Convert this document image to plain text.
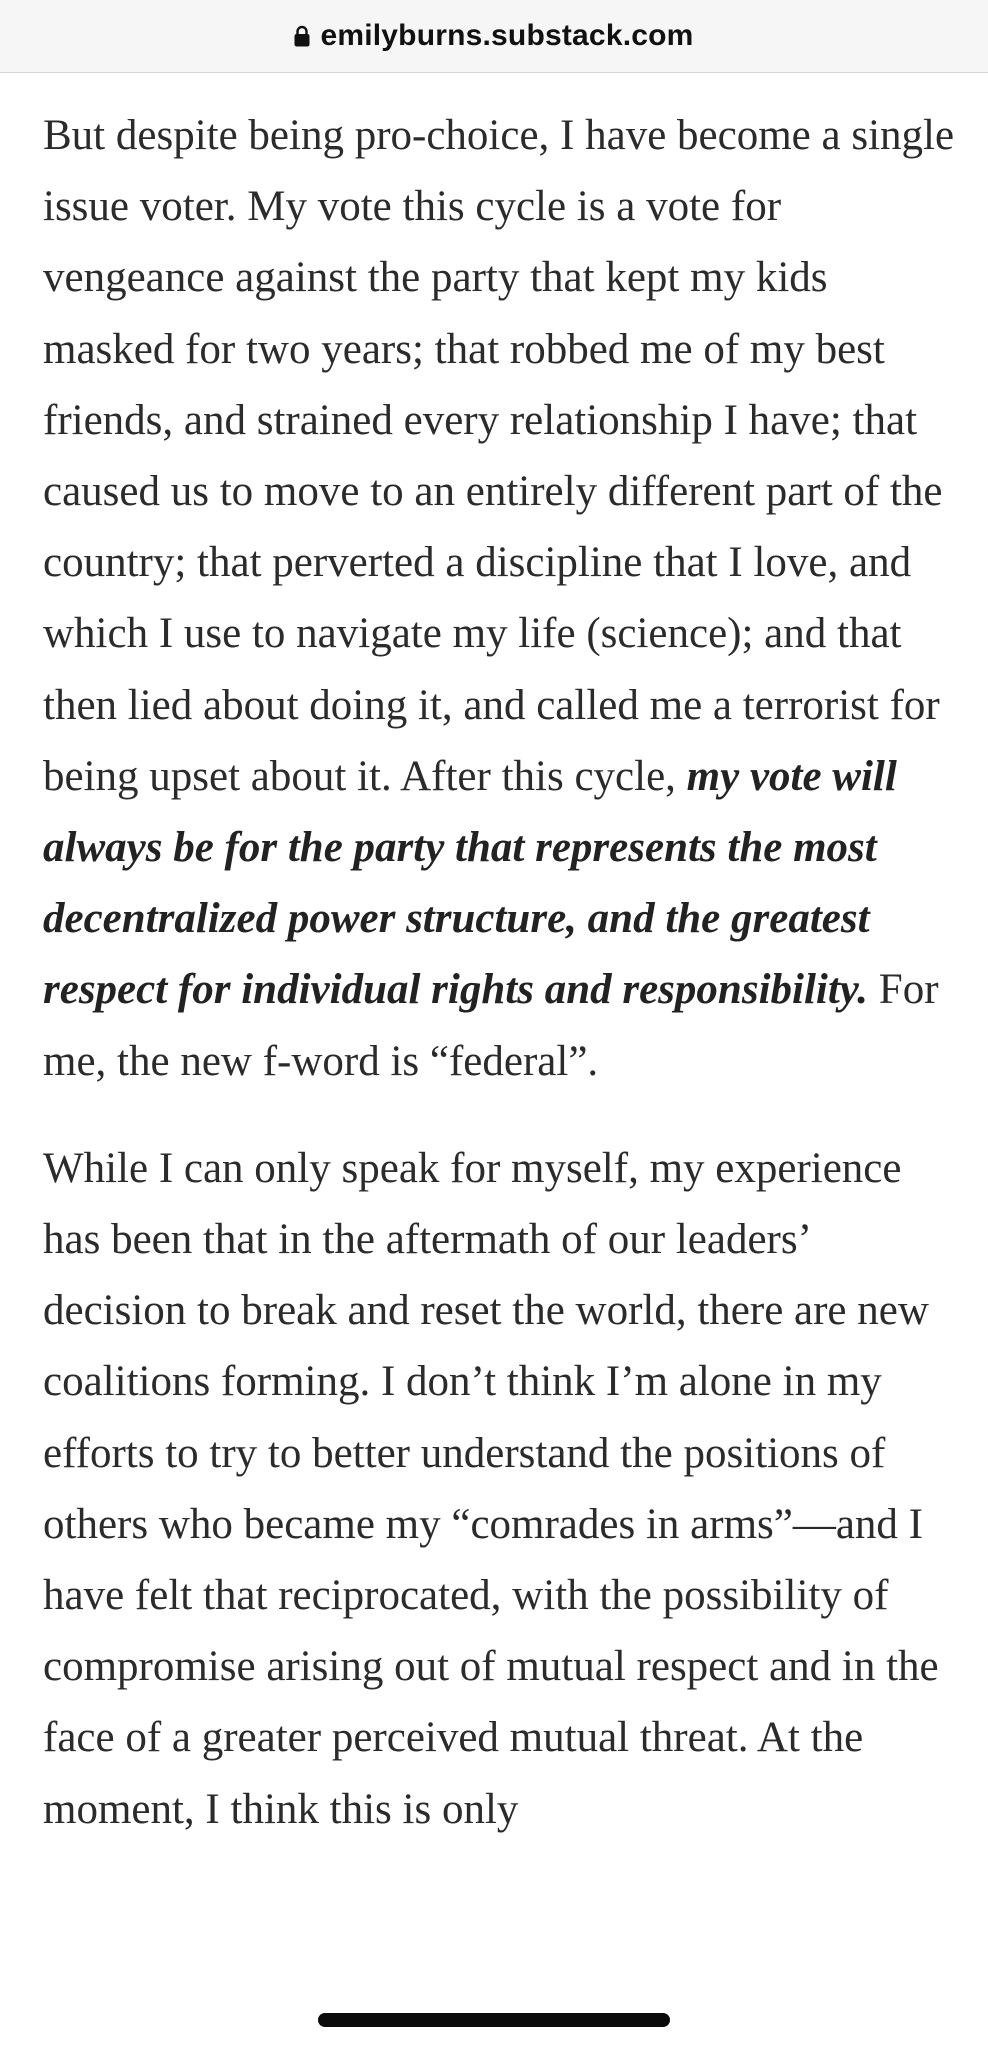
emilyburns.substack.com

But despite being pro-choice, I have become a single issue voter. My vote this cycle is a vote for vengeance against the party that kept my kids masked for two years; that robbed me of my best friends, and strained every relationship I have; that caused us to move to an entirely different part of the country; that perverted a discipline that I love, and which I use to navigate my life (science); and that then lied about doing it, and called me a terrorist for being upset about it. After this cycle, my vote will always be for the party that represents the most decentralized power structure, and the greatest respect for individual rights and responsibility. For me, the new f-word is “federal”.

While I can only speak for myself, my experience has been that in the aftermath of our leaders’ decision to break and reset the world, there are new coalitions forming. I don’t think I’m alone in my efforts to try to better understand the positions of others who became my “comrades in arms”—and I have felt that reciprocated, with the possibility of compromise arising out of mutual respect and in the face of a greater perceived mutual threat. At the moment, I think this is only
